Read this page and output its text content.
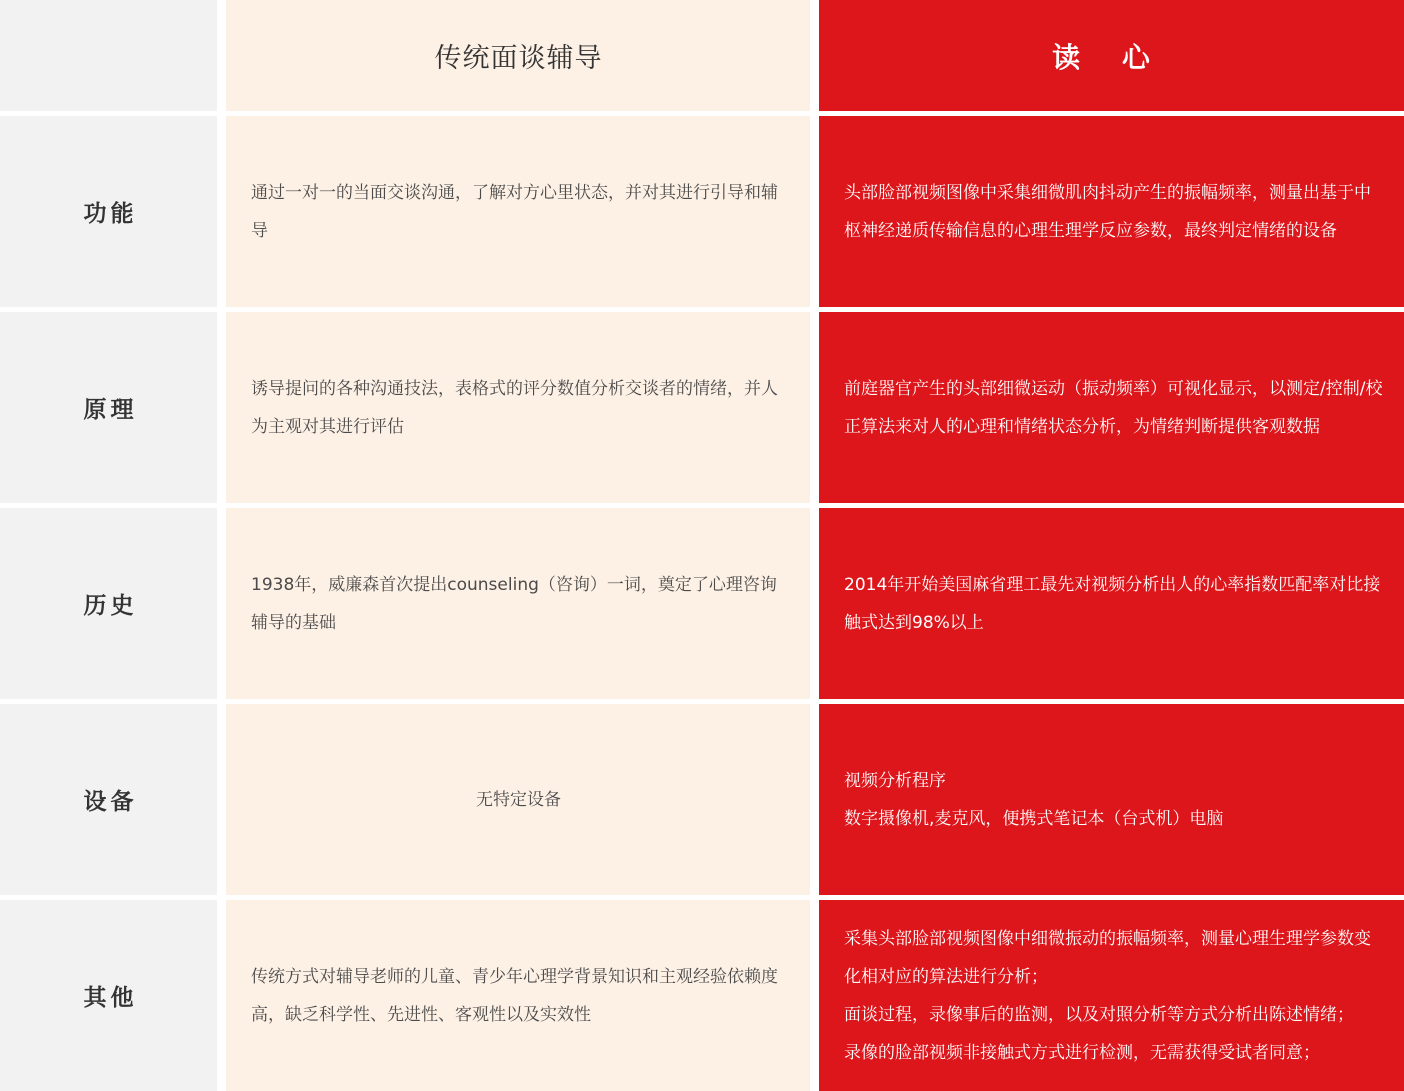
传统面谈辅导	读 心
功能
通过一对一的当面交谈沟通，了解对方心里状态，并对其进行引导和辅导

头部脸部视频图像中采集细微肌肉抖动产生的振幅频率，测量出基于中枢神经递质传输信息的心理生理学反应参数，最终判定情绪的设备

原理
诱导提问的各种沟通技法，表格式的评分数值分析交谈者的情绪，并人为主观对其进行评估

前庭器官产生的头部细微运动（振动频率）可视化显示，以测定/控制/校正算法来对人的心理和情绪状态分析，为情绪判断提供客观数据

历史
1938年，威廉森首次提出counseling（咨询）一词，奠定了心理咨询辅导的基础

2014年开始美国麻省理工最先对视频分析出人的心率指数匹配率对比接触式达到98%以上

设备	无特定设备

视频分析程序

数字摄像机,麦克风，便携式笔记本（台式机）电脑

其他
传统方式对辅导老师的儿童、青少年心理学背景知识和主观经验依赖度高，缺乏科学性、先进性、客观性以及实效性

采集头部脸部视频图像中细微振动的振幅频率，测量心理生理学参数变化相对应的算法进行分析；

面谈过程，录像事后的监测，以及对照分析等方式分析出陈述情绪；

录像的脸部视频非接触式方式进行检测，无需获得受试者同意；
